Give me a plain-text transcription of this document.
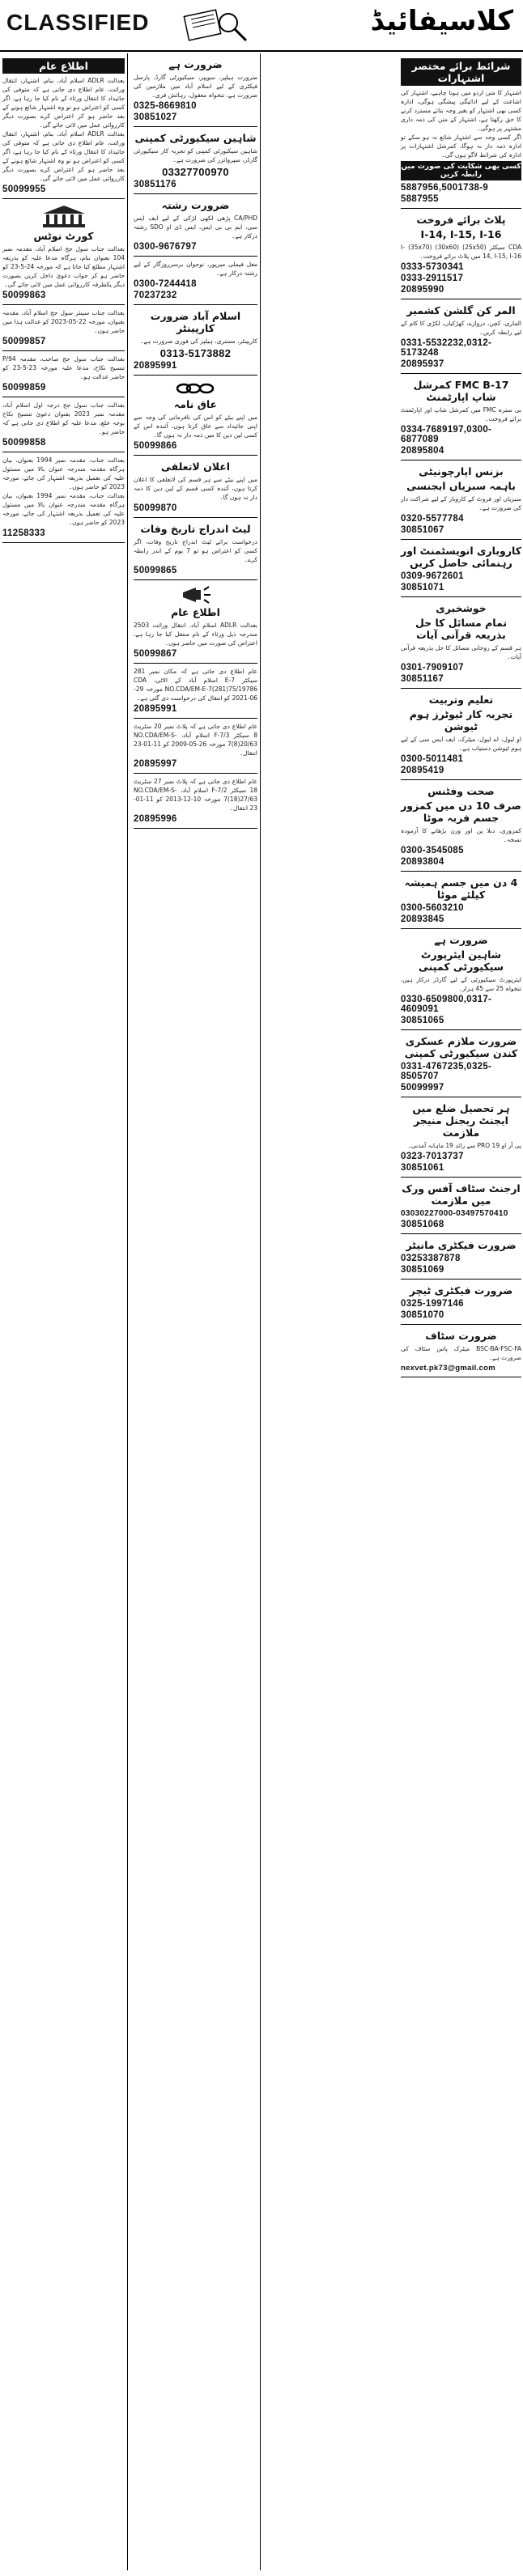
CLASSIFIED	کلاسیفائیڈ
اطلاع عام
بعدالت ADLR اسلام آباد، بنام، اشتہار، انتقال وراثت، عام اطلاع دی جاتی ہے کہ متوفی کی جائیداد کا انتقال ورثاء کے نام کیا جا رہا ہے، اگر کسی کو اعتراض ہو تو وہ اشتہار شائع ہونے کے بعد حاضر ہو کر اعتراض کرے بصورت دیگر کارروائی عمل میں لائی جائے گی۔
بعدالت ADLR اسلام آباد، بنام، اشتہار، انتقال وراثت، عام اطلاع دی جاتی ہے کہ متوفی کی جائیداد کا انتقال ورثاء کے نام کیا جا رہا ہے، اگر کسی کو اعتراض ہو تو وہ اشتہار شائع ہونے کے بعد حاضر ہو کر اعتراض کرے بصورت دیگر کارروائی عمل میں لائی جائے گی۔
50099955
کورٹ نوٹس
بعدالت جناب سول جج اسلام آباد، مقدمہ نمبر 104 بعنوان بنام، ہرگاہ مدعا علیہ کو بذریعہ اشتہار مطلع کیا جاتا ہے کہ مورخہ 24-5-23 کو حاضر ہو کر جواب دعویٰ داخل کریں بصورت دیگر یکطرفہ کارروائی عمل میں لائی جائے گی۔
50099863
بعدالت جناب سینئر سول جج اسلام آباد، مقدمہ بعنوان، مورخہ 22-05-2023 کو عدالت ہذا میں حاضر ہوں۔
50099857
بعدالت جناب سول جج صاحب، مقدمہ 94/P تنسیخ نکاح، مدعا علیہ مورخہ 23-5-23 کو حاضر عدالت ہو۔
50099859
بعدالت جناب سول جج درجہ اول اسلام آباد، مقدمہ نمبر 2023 بعنوان دعویٰ تنسیخ نکاح بوجہ خلع، مدعا علیہ کو اطلاع دی جاتی ہے کہ حاضر ہو۔
50099858
بعدالت جناب، مقدمہ نمبر 1994 بعنوان، بیان ہرگاہ مقدمہ مندرجہ عنوان بالا میں مسئول علیہ کی تعمیل بذریعہ اشتہار کی جائے، مورخہ 2023 کو حاضر ہوں۔
بعدالت جناب، مقدمہ نمبر 1994 بعنوان، بیان ہرگاہ مقدمہ مندرجہ عنوان بالا میں مسئول علیہ کی تعمیل بذریعہ اشتہار کی جائے، مورخہ 2023 کو حاضر ہوں۔
11258333
ضرورت ہے
ضرورت ہیلپر، سویپر، سیکیورٹی گارڈ، پارسل فیکٹری کے لیے اسلام آباد میں ملازمین کی ضرورت ہے، تنخواہ معقول، رہائش فری۔
0325-8669810
30851027
شاہین سیکیورٹی کمپنی
شاہین سیکیورٹی کمپنی کو تجربہ کار سیکیورٹی گارڈز، سپروائزر کی ضرورت ہے۔
03327700970
30851176
ضرورت رشتہ
CA/PHD پڑھی لکھی لڑکی کے لیے ایف ایس سی، ایم بی بی ایس، ایس ڈی او SDO رشتہ درکار ہے۔
0300-9676797
مغل فیملی میرپور، نوجوان برسرروزگار کے لیے رشتہ درکار ہے۔
0300-7244418
70237232
اسلام آباد ضرورت کارپینٹر
کارپینٹر، مستری، ہیلپر کی فوری ضرورت ہے۔
0313-5173882
20895991
عاق نامہ
میں اپنے بیٹے کو اس کی نافرمانی کی وجہ سے اپنی جائیداد سے عاق کرتا ہوں، آئندہ اس کے کسی لین دین کا میں ذمہ دار نہ ہوں گا۔
50099866
اعلان لاتعلقی
میں اپنے بیٹے سے ہر قسم کی لاتعلقی کا اعلان کرتا ہوں، آئندہ کسی قسم کے لین دین کا ذمہ دار نہ ہوں گا۔
50099870
لیٹ اندراج تاریخ وفات
درخواست برائے لیٹ اندراج تاریخ وفات، اگر کسی کو اعتراض ہو تو 7 یوم کے اندر رابطہ کرے۔
50099865
اطلاع عام
بعدالت ADLR اسلام آباد، انتقال وراثت 2503 مندرجہ ذیل ورثاء کے نام منتقل کیا جا رہا ہے، اعتراض کی صورت میں حاضر ہوں۔
50099867
عام اطلاع دی جاتی ہے کہ مکان نمبر 281 سیکٹر E-7 اسلام آباد کے الاٹی، CDA NO.CDA/EM-E-7(281)75/19786 مورخہ 29-06-2021 کو انتقال کی درخواست دی گئی ہے۔
20895991
عام اطلاع دی جاتی ہے کہ پلاٹ نمبر 20 سٹریٹ 8 سیکٹر F-7/3 اسلام آباد، NO.CDA/EM-S-7(8)20/63 مورخہ 26-05-2009 کو 11-01-23 انتقال۔
20895997
عام اطلاع دی جاتی ہے کہ پلاٹ نمبر 27 سٹریٹ 18 سیکٹر F-7/2 اسلام آباد، NO.CDA/EM-S-7(18)27/63 مورخہ 10-12-2013 کو 11-01-23 انتقال۔
20895996
شرائط برائے مختصر اشتہارات
اشتہار کا متن اردو میں ہونا چاہیے، اشتہار کی اشاعت کے لیے ادائیگی پیشگی ہوگی، ادارہ کسی بھی اشتہار کو بغیر وجہ بتائے مسترد کرنے کا حق رکھتا ہے، اشتہار کے متن کی ذمہ داری مشتہر پر ہوگی۔
اگر کسی وجہ سے اشتہار شائع نہ ہو سکے تو ادارہ ذمہ دار نہ ہوگا، کمرشل اشتہارات پر ادارہ کی شرائط لاگو ہوں گی۔
کسی بھی شکایت کی صورت میں رابطہ کریں
5887956,5001738-9
5887955
پلاٹ برائے فروخت
I-14, I-15, I-16
CDA سیکٹر (25x50) (30x60) (35x70) I-14, I-15, I-16 میں پلاٹ برائے فروخت۔
0333-5730341
0333-2911517
20895990
المر کن گلشن کشمیر
الماری، کچن، دروازے، کھڑکیاں، لکڑی کا کام کے لیے رابطہ کریں۔
0331-5532232,0312-5173248
20895937
FMC B-17 کمرشل شاپ اپارٹمنٹ
بی سترہ FMC میں کمرشل شاپ اور اپارٹمنٹ برائے فروخت۔
0334-7689197,0300-6877089
20895804
بزنس اپارچونیٹی
باہمہ سبزیاں ایجنسی
سبزیاں اور فروٹ کے کاروبار کے لیے شراکت دار کی ضرورت ہے۔
0320-5577784
30851067
کاروباری انویسٹمنٹ اور رہنمائی حاصل کریں
0309-9672601
30851071
خوشخبری
تمام مسائل کا حل بذریعہ قرآنی آیات
ہر قسم کے روحانی مسائل کا حل بذریعہ قرآنی آیات۔
0301-7909107
30851167
تعلیم وتربیت
تجربہ کار ٹیوٹرز ہوم ٹیوشن
او لیول، اے لیول، میٹرک، ایف ایس سی کے لیے ہوم ٹیوشن دستیاب ہے۔
0300-5011481
20895419
صحت وفٹنس
صرف 10 دن میں کمزور جسم فربہ موٹا
کمزوری، دبلا پن اور وزن بڑھانے کا آزمودہ نسخہ۔
0300-3545085
20893804
4 دن میں جسم ہمیشہ کیلئے موٹا
0300-5603210
20893845
ضرورت ہے
شاہین ایئرپورٹ سیکیورٹی کمپنی
ایئرپورٹ سیکیورٹی کے لیے گارڈز درکار ہیں، تنخواہ 25 سے 45 ہزار۔
0330-6509800,0317-4609091
30851065
ضرورت ملازم عسکری کندن سیکیورٹی کمپنی
0331-4767235,0325-8505707
50099997
ہر تحصیل ضلع میں ایجنٹ ریجنل منیجر ملازمت
پی آر او 19 PRO سے زائد 19 ماہانہ آمدنی۔
0323-7013737
30851061
ارجنٹ سٹاف آفس ورک میں ملازمت
03030227000-03497570410
30851068
ضرورت فیکٹری مانیٹر
03253387878
30851069
ضرورت فیکٹری ٹیچر
0325-1997146
30851070
ضرورت سٹاف
BSC-BA-FSC-FA میٹرک پاس سٹاف کی ضرورت ہے۔
nexvet.pk73@gmail.com
